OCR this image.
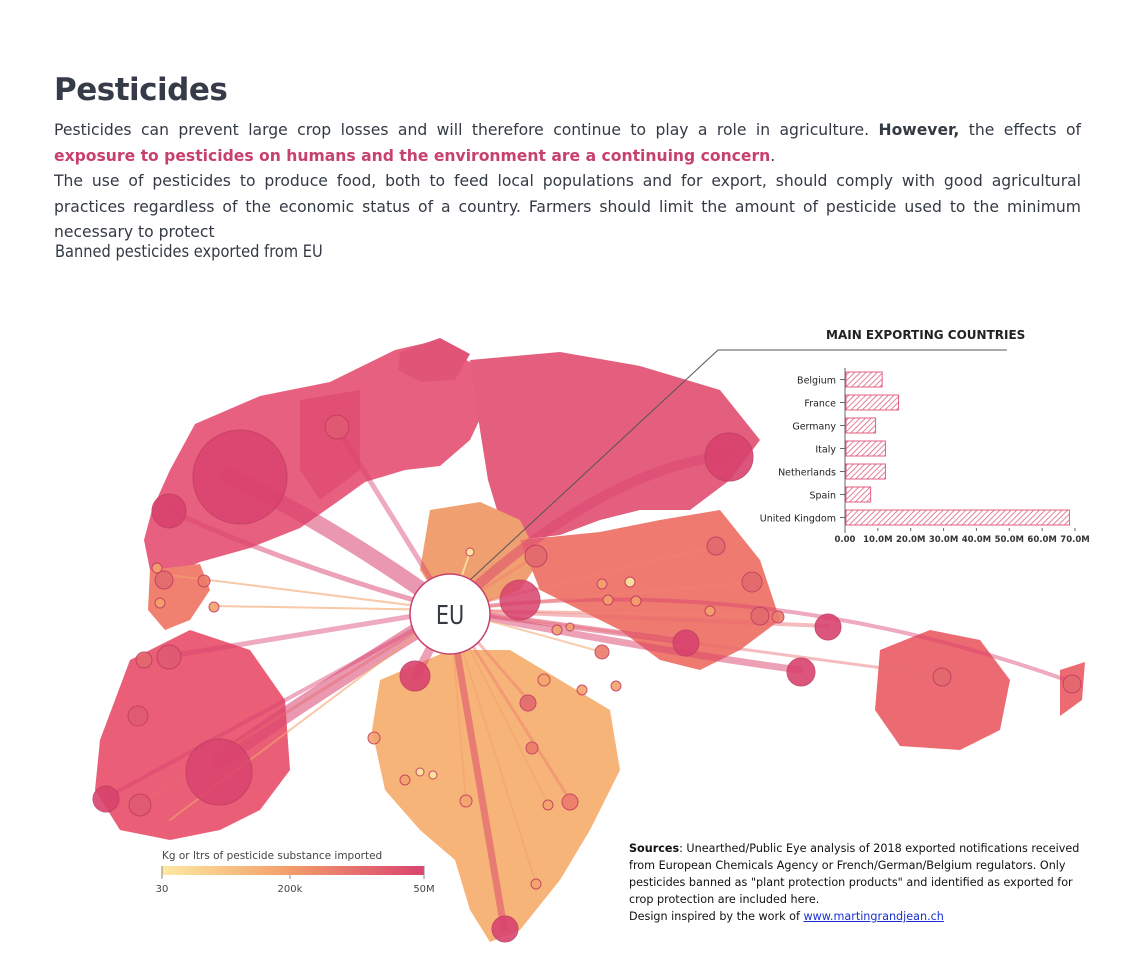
Pesticides

Pesticides can prevent large crop losses and will therefore continue to play a role in agriculture. However, the effects of exposure to pesticides on humans and the environment are a continuing concern.

The use of pesticides to produce food, both to feed local populations and for export, should comply with good agricultural practices regardless of the economic status of a country. Farmers should limit the amount of pesticide used to the minimum necessary to protect

Banned pesticides exported from EU
EU
MAIN EXPORTING COUNTRIES
Belgium
France
Germany
Italy
Netherlands
Spain
United Kingdom
0.00 10.0M 20.0M 30.0M 40.0M 50.0M 60.0M 70.0M
Kg or ltrs of pesticide substance imported
30	200k	50M
Sources: Unearthed/Public Eye analysis of 2018 exported notifications received from European Chemicals Agency or French/German/Belgium regulators. Only pesticides banned as "plant protection products" and identified as exported for crop protection are included here.
Design inspired by the work of www.martingrandjean.ch
